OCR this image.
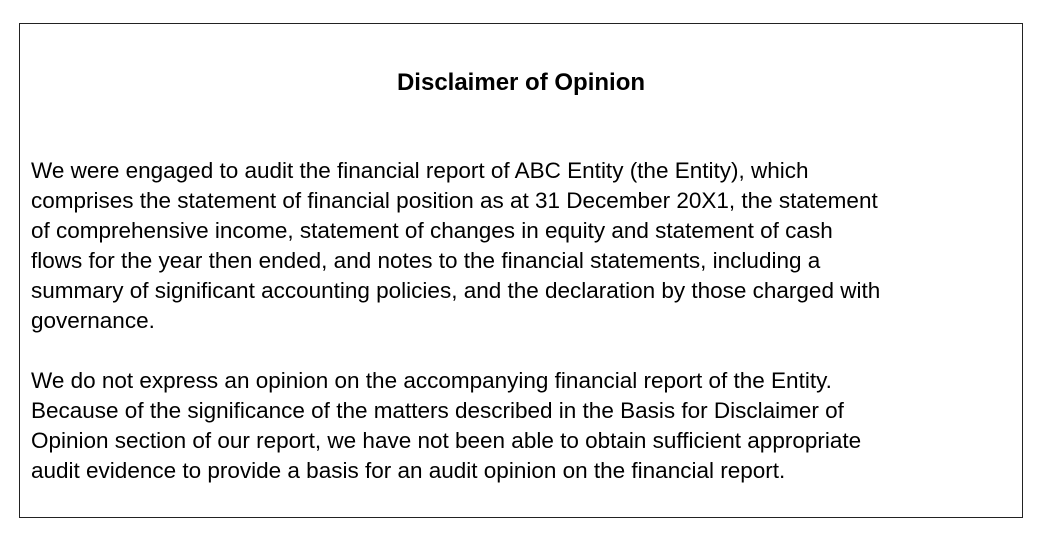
Disclaimer of Opinion

We were engaged to audit the financial report of ABC Entity (the Entity), which
comprises the statement of financial position as at 31 December 20X1, the statement
of comprehensive income, statement of changes in equity and statement of cash
flows for the year then ended, and notes to the financial statements, including a
summary of significant accounting policies, and the declaration by those charged with
governance.

We do not express an opinion on the accompanying financial report of the Entity.
Because of the significance of the matters described in the Basis for Disclaimer of
Opinion section of our report, we have not been able to obtain sufficient appropriate
audit evidence to provide a basis for an audit opinion on the financial report.
